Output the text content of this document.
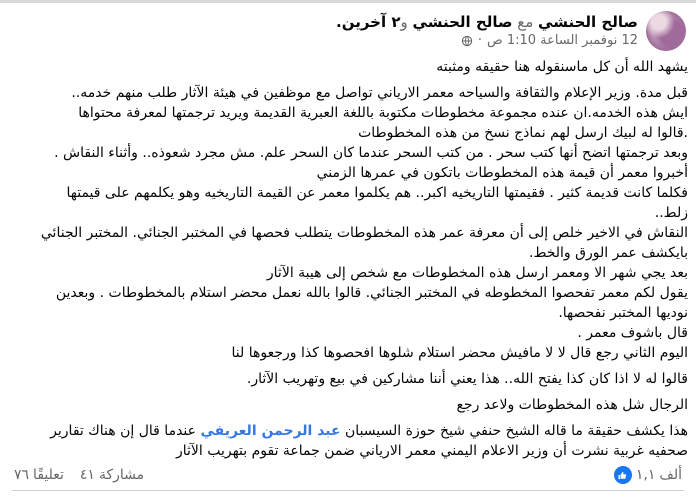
صالح الحنشي مع صالح الحنشي و٢ آخرين.
12 نوفمبر الساعة 1:10 ص
·
يشهد الله أن كل ماسنقوله هنا حقيقه ومثبته
قبل مدة. وزير الإعلام والثقافة والسياحه معمر الارياني تواصل مع موظفين في هيئة الآثار طلب منهم خدمه..
ايش هذه الخدمه.ان عنده مجموعة مخطوطات مكتوبة باللغة العبرية القديمة ويريد ترجمتها لمعرفة محتواها
.قالوا له لبيك ارسل لهم نماذج نسخ من هذه المخطوطات
وبعد ترجمتها اتضح أنها كتب سحر . من كتب السحر عندما كان السحر علم. مش مجرد شعوذه.. وأثناء النقاش .
أخبروا معمر أن قيمة هذه المخطوطات باتكون في عمرها الزمني
فكلما كانت قديمة كثير . فقيمتها التاريخيه اكبر.. هم يكلموا معمر عن القيمة التاريخيه وهو يكلمهم على قيمتها
زلط..
النقاش في الاخير خلص إلى أن معرفة عمر هذه المخطوطات يتطلب فحصها في المختبر الجنائي. المختبر الجنائي
بايكشف عمر الورق والخط.
بعد يجي شهر الا ومعمر ارسل هذه المخطوطات مع شخص إلى هيبة الآثار
يقول لكم معمر تفحصوا المخطوطه في المختبر الجنائي. قالوا بالله نعمل محضر استلام بالمخطوطات . وبعدين
نوديها المختبر نفحصها.
قال باشوف معمر .
اليوم الثاني رجع قال لا لا مافيش محضر استلام شلوها افحصوها كذا ورجعوها لنا
قالوا له لا اذا كان كذا يفتح الله.. هذا يعني أننا مشاركين في بيع وتهريب الآثار.
الرجال شل هذه المخطوطات ولاعد رجع
هذا يكشف حقيقة ما قاله الشيخ حنفي شيخ حوزة السيسبان عبد الرحمن العريفي عندما قال إن هناك تقارير
صحفيه غربية نشرت أن وزير الاعلام اليمني معمر الارياني ضمن جماعة تقوم بتهريب الآثار
٧٦ تعليقًا ٤١ مشاركة	١,١ ألف
